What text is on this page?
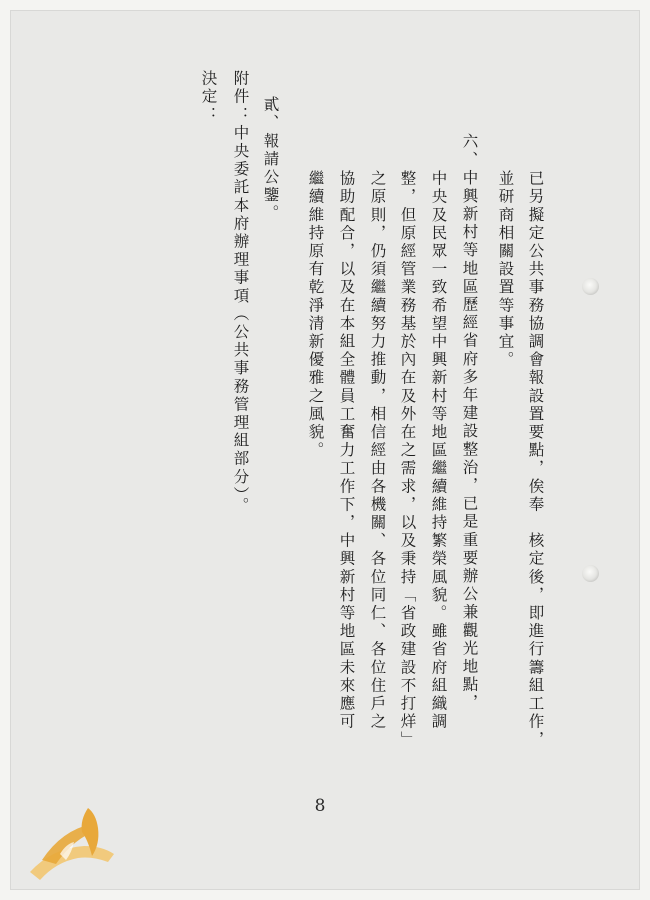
已另擬定公共事務協調會報設置要點，俟奉　核定後，即進行籌組工作，
並研商相關設置等事宜。
六、中興新村等地區歷經省府多年建設整治，已是重要辦公兼觀光地點，
中央及民眾一致希望中興新村等地區繼續維持繁榮風貌。雖省府組織調
整，但原經管業務基於內在及外在之需求，以及秉持「省政建設不打烊」
之原則，仍須繼續努力推動，相信經由各機關、各位同仁、各位住戶之
協助配合，以及在本組全體員工奮力工作下，中興新村等地區未來應可
繼續維持原有乾淨清新優雅之風貌。
貳、報請公鑒。
附件：中央委託本府辦理事項（公共事務管理組部分）。
決定：
8
